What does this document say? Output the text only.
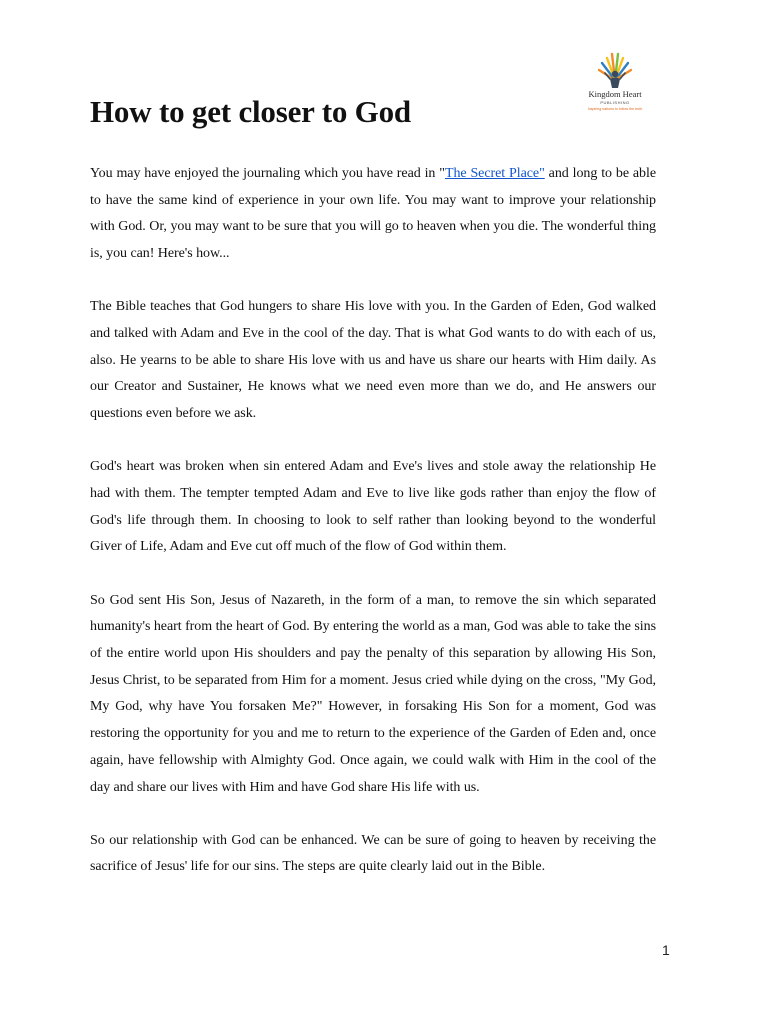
Kingdom Heart
PUBLISHING
Inspiring nations to follow the truth
How to get closer to God

You may have enjoyed the journaling which you have read in "The Secret Place" and long to be able to have the same kind of experience in your own life. You may want to improve your relationship with God. Or, you may want to be sure that you will go to heaven when you die. The wonderful thing is, you can! Here's how...

The Bible teaches that God hungers to share His love with you. In the Garden of Eden, God walked and talked with Adam and Eve in the cool of the day. That is what God wants to do with each of us, also. He yearns to be able to share His love with us and have us share our hearts with Him daily. As our Creator and Sustainer, He knows what we need even more than we do, and He answers our questions even before we ask.

God's heart was broken when sin entered Adam and Eve's lives and stole away the relationship He had with them. The tempter tempted Adam and Eve to live like gods rather than enjoy the flow of God's life through them. In choosing to look to self rather than looking beyond to the wonderful Giver of Life, Adam and Eve cut off much of the flow of God within them.

So God sent His Son, Jesus of Nazareth, in the form of a man, to remove the sin which separated humanity's heart from the heart of God. By entering the world as a man, God was able to take the sins of the entire world upon His shoulders and pay the penalty of this separation by allowing His Son, Jesus Christ, to be separated from Him for a moment. Jesus cried while dying on the cross, "My God, My God, why have You forsaken Me?" However, in forsaking His Son for a moment, God was restoring the opportunity for you and me to return to the experience of the Garden of Eden and, once again, have fellowship with Almighty God. Once again, we could walk with Him in the cool of the day and share our lives with Him and have God share His life with us.

So our relationship with God can be enhanced. We can be sure of going to heaven by receiving the sacrifice of Jesus' life for our sins. The steps are quite clearly laid out in the Bible.

1
